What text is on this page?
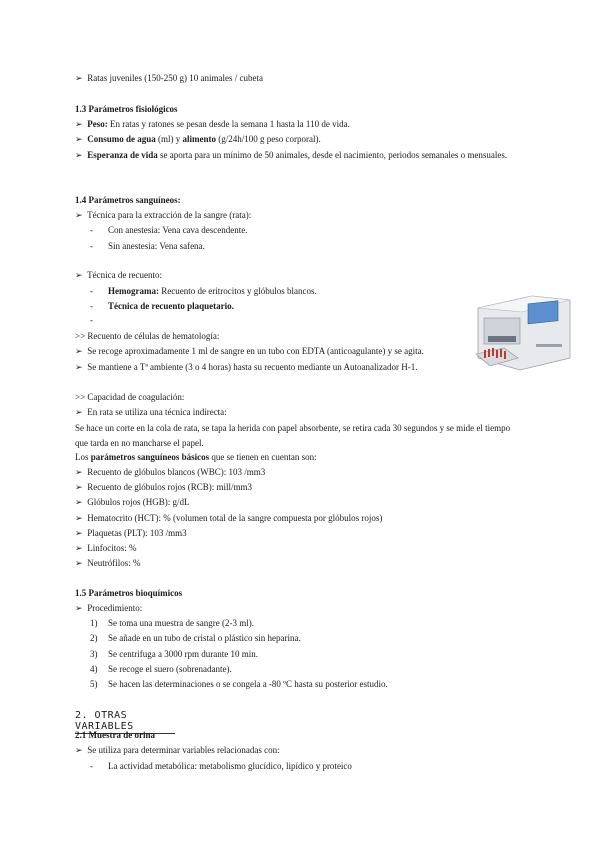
➢ Ratas juveniles (150-250 g) 10 animales / cubeta
1.3 Parámetros fisiológicos
➢ Peso: En ratas y ratones se pesan desde la semana 1 hasta la 110 de vida.
➢ Consumo de agua (ml) y alimento (g/24h/100 g peso corporal).
➢ Esperanza de vida se aporta para un mínimo de 50 animales, desde el nacimiento, periodos semanales o mensuales.
1.4 Parámetros sanguíneos:
➢ Técnica para la extracción de la sangre (rata):
- Con anestesia: Vena cava descendente.
- Sin anestesia: Vena safena.
➢ Técnica de recuento:
- Hemograma: Recuento de eritrocitos y glóbulos blancos.
- Técnica de recuento plaquetario.
-
>> Recuento de células de hematología:
➢ Se recoge aproximadamente 1 ml de sangre en un tubo con EDTA (anticoagulante) y se agita.
➢ Se mantiene a Tª ambiente (3 o 4 horas) hasta su recuento mediante un Autoanalizador H-1.
>> Capacidad de coagulación:
➢ En rata se utiliza una técnica indirecta:
Se hace un corte en la cola de rata, se tapa la herida con papel absorbente, se retira cada 30 segundos y se mide el tiempo que tarda en no mancharse el papel.
Los parámetros sanguíneos básicos que se tienen en cuentan son:
➢ Recuento de glóbulos blancos (WBC): 103 /mm3
➢ Recuento de glóbulos rojos (RCB): mill/mm3
➢ Glóbulos rojos (HGB): g/dL
➢ Hematocrito (HCT): % (volumen total de la sangre compuesta por glóbulos rojos)
➢ Plaquetas (PLT): 103 /mm3
➢ Linfocitos: %
➢ Neutrófilos: %
1.5 Parámetros bioquímicos
➢ Procedimiento:
1) Se toma una muestra de sangre (2-3 ml).
2) Se añade en un tubo de cristal o plástico sin heparina.
3) Se centrifuga a 3000 rpm durante 10 min.
4) Se recoge el suero (sobrenadante).
5) Se hacen las determinaciones o se congela a -80 ºC hasta su posterior estudio.
2. OTRAS VARIABLES
2.1 Muestra de orina
➢ Se utiliza para determinar variables relacionadas con:
- La actividad metabólica: metabolismo glucídico, lipídico y proteico
